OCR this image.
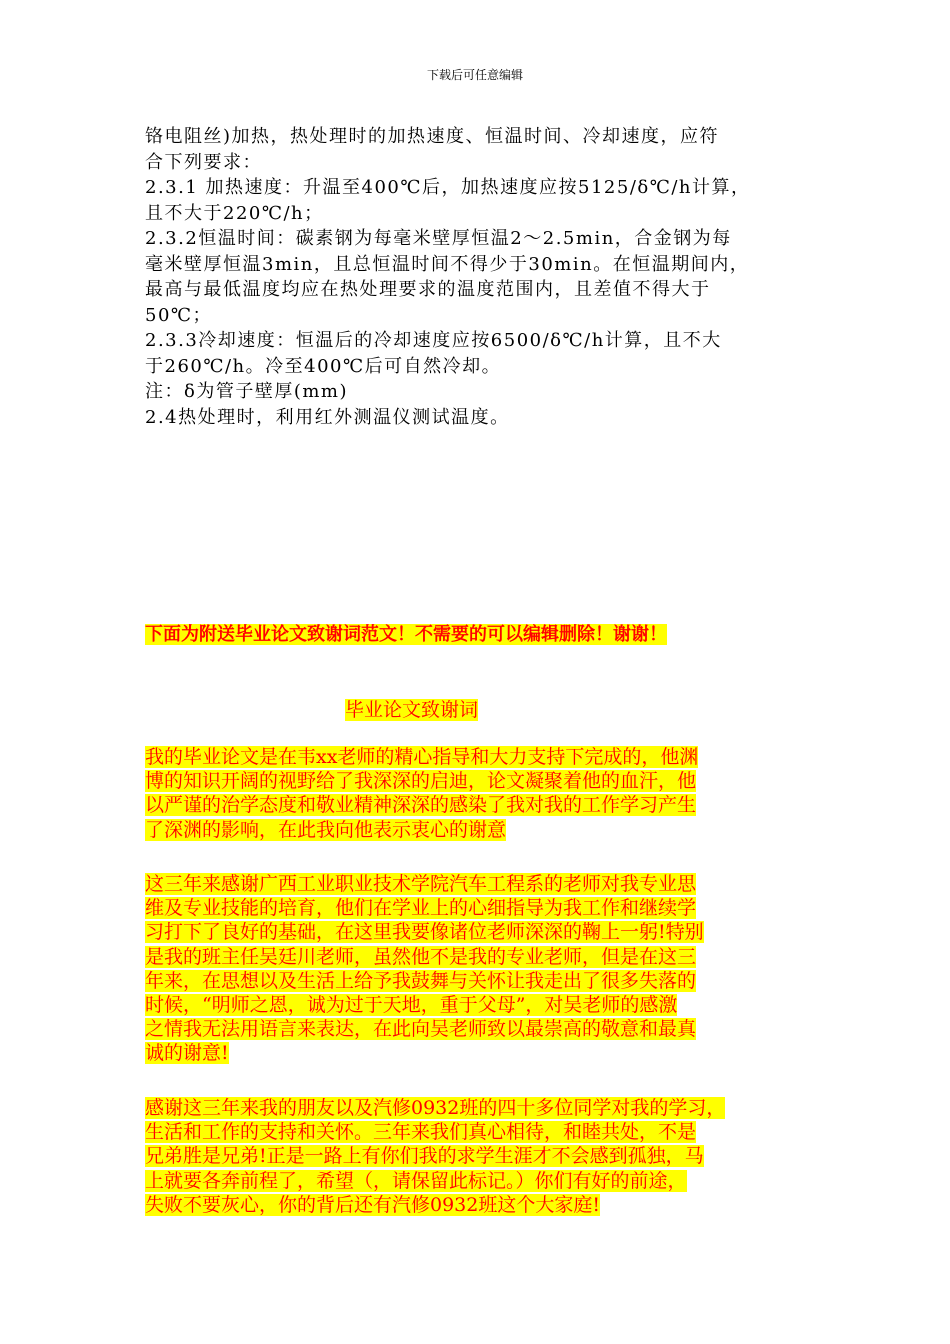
下载后可任意编辑
铬电阻丝)加热，热处理时的加热速度、恒温时间、冷却速度，应符
合下列要求：
2.3.1 加热速度：升温至400℃后，加热速度应按5125/δ℃/h计算，
且不大于220℃/h；
2.3.2恒温时间：碳素钢为每毫米壁厚恒温2～2.5min，合金钢为每
毫米壁厚恒温3min，且总恒温时间不得少于30min。在恒温期间内，
最高与最低温度均应在热处理要求的温度范围内，且差值不得大于
50℃；
2.3.3冷却速度：恒温后的冷却速度应按6500/δ℃/h计算，且不大
于260℃/h。冷至400℃后可自然冷却。
注：δ为管子壁厚(mm)
2.4热处理时，利用红外测温仪测试温度。
下面为附送毕业论文致谢词范文！不需要的可以编辑删除！谢谢！
毕业论文致谢词
我的毕业论文是在韦xx老师的精心指导和大力支持下完成的，他渊
博的知识开阔的视野给了我深深的启迪，论文凝聚着他的血汗，他
以严谨的治学态度和敬业精神深深的感染了我对我的工作学习产生
了深渊的影响，在此我向他表示衷心的谢意
这三年来感谢广西工业职业技术学院汽车工程系的老师对我专业思
维及专业技能的培育，他们在学业上的心细指导为我工作和继续学
习打下了良好的基础，在这里我要像诸位老师深深的鞠上一躬!特别
是我的班主任吴廷川老师，虽然他不是我的专业老师，但是在这三
年来，在思想以及生活上给予我鼓舞与关怀让我走出了很多失落的
时候，“明师之恩，诚为过于天地，重于父母”，对吴老师的感激
之情我无法用语言来表达，在此向吴老师致以最崇高的敬意和最真
诚的谢意!
感谢这三年来我的朋友以及汽修0932班的四十多位同学对我的学习，
生活和工作的支持和关怀。三年来我们真心相待，和睦共处，不是
兄弟胜是兄弟!正是一路上有你们我的求学生涯才不会感到孤独，马
上就要各奔前程了，希望（，请保留此标记。）你们有好的前途，
失败不要灰心，你的背后还有汽修0932班这个大家庭!
